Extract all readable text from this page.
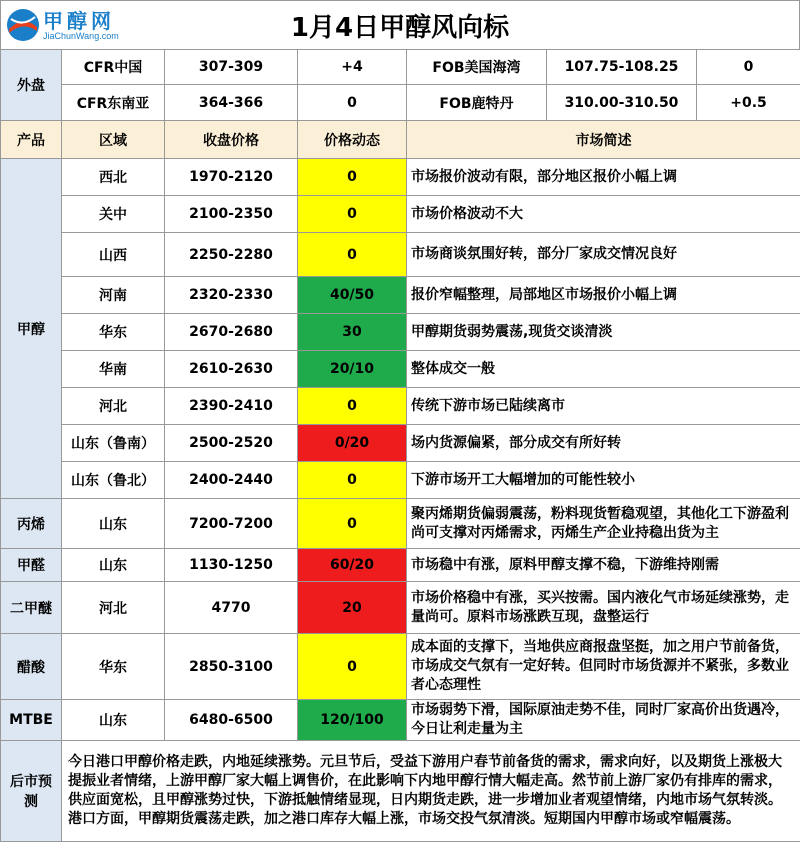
甲醇网
JiaChunWang.com	1月4日甲醇风向标
外盘	CFR中国	307-309	+4	FOB美国海湾	107.75-108.25	0
	CFR东南亚	364-366	0	FOB鹿特丹	310.00-310.50	+0.5
产品	区域	收盘价格	价格动态	市场简述		
甲醇	西北	1970-2120	0	市场报价波动有限，部分地区报价小幅上调		
	关中	2100-2350	0	市场价格波动不大		
	山西	2250-2280	0	市场商谈氛围好转，部分厂家成交情况良好		
	河南	2320-2330	40/50	报价窄幅整理，局部地区市场报价小幅上调		
	华东	2670-2680	30	甲醇期货弱势震荡,现货交谈清淡		
	华南	2610-2630	20/10	整体成交一般		
	河北	2390-2410	0	传统下游市场已陆续离市		
	山东（鲁南）	2500-2520	0/20	场内货源偏紧，部分成交有所好转		
	山东（鲁北）	2400-2440	0	下游市场开工大幅增加的可能性较小		
丙烯	山东	7200-7200	0	聚丙烯期货偏弱震荡，粉料现货暂稳观望，其他化工下游盈利尚可支撑对丙烯需求，丙烯生产企业持稳出货为主		
甲醛	山东	1130-1250	60/20	市场稳中有涨，原料甲醇支撑不稳，下游维持刚需		
二甲醚	河北	4770	20	市场价格稳中有涨，买兴按需。国内液化气市场延续涨势，走量尚可。原料市场涨跌互现，盘整运行		
醋酸	华东	2850-3100	0	成本面的支撑下，当地供应商报盘坚挺，加之用户节前备货，市场成交气氛有一定好转。但同时市场货源并不紧张，多数业者心态理性		
MTBE	山东	6480-6500	120/100	市场弱势下滑，国际原油走势不佳，同时厂家高价出货遇冷，今日让利走量为主		
后市预测	今日港口甲醇价格走跌，内地延续涨势。元旦节后，受益下游用户春节前备货的需求，需求向好，以及期货上涨极大提振业者情绪，上游甲醇厂家大幅上调售价，在此影响下内地甲醇行情大幅走高。然节前上游厂家仍有排库的需求，供应面宽松，且甲醇涨势过快，下游抵触情绪显现，日内期货走跌，进一步增加业者观望情绪，内地市场气氛转淡。港口方面，甲醇期货震荡走跌，加之港口库存大幅上涨，市场交投气氛清淡。短期国内甲醇市场或窄幅震荡。					
